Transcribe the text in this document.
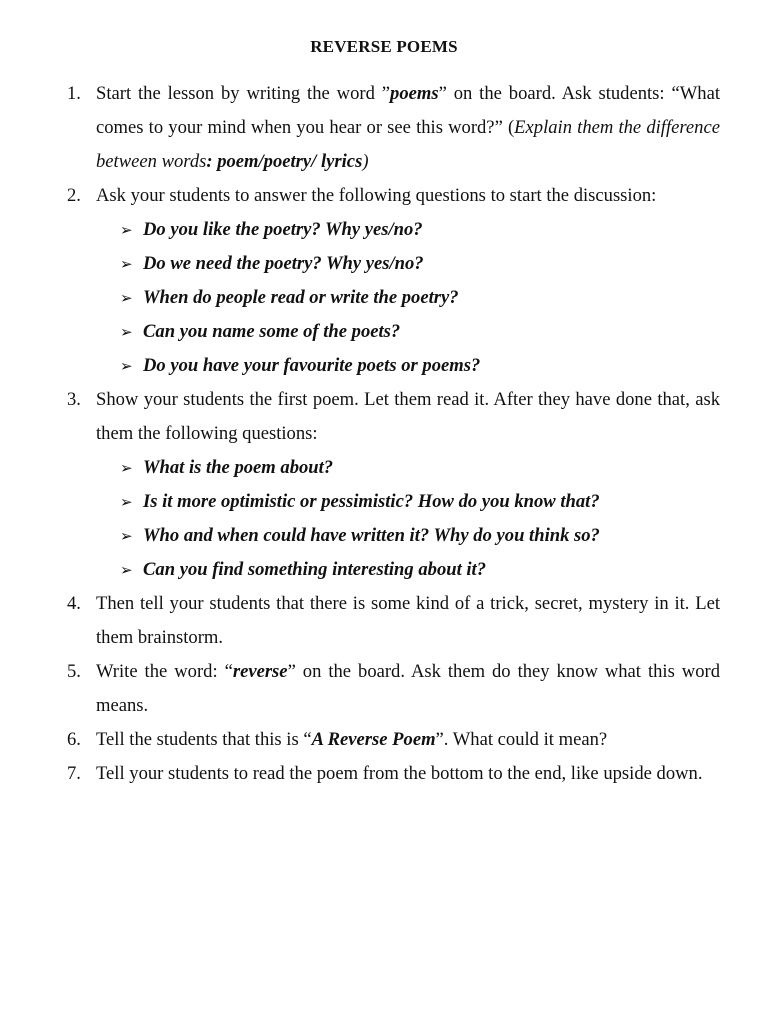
REVERSE POEMS
1. Start the lesson by writing the word ”poems” on the board. Ask students: “What comes to your mind when you hear or see this word?” (Explain them the difference between words: poem/poetry/ lyrics)
2. Ask your students to answer the following questions to start the discussion:
➢ Do you like the poetry? Why yes/no?
➢ Do we need the poetry? Why yes/no?
➢ When do people read or write the poetry?
➢ Can you name some of the poets?
➢ Do you have your favourite poets or poems?
3. Show your students the first poem. Let them read it. After they have done that, ask them the following questions:
➢ What is the poem about?
➢ Is it more optimistic or pessimistic? How do you know that?
➢ Who and when could have written it? Why do you think so?
➢ Can you find something interesting about it?
4. Then tell your students that there is some kind of a trick, secret, mystery in it. Let them brainstorm.
5. Write the word: “reverse” on the board. Ask them do they know what this word means.
6. Tell the students that this is “A Reverse Poem”. What could it mean?
7. Tell your students to read the poem from the bottom to the end, like upside down.
